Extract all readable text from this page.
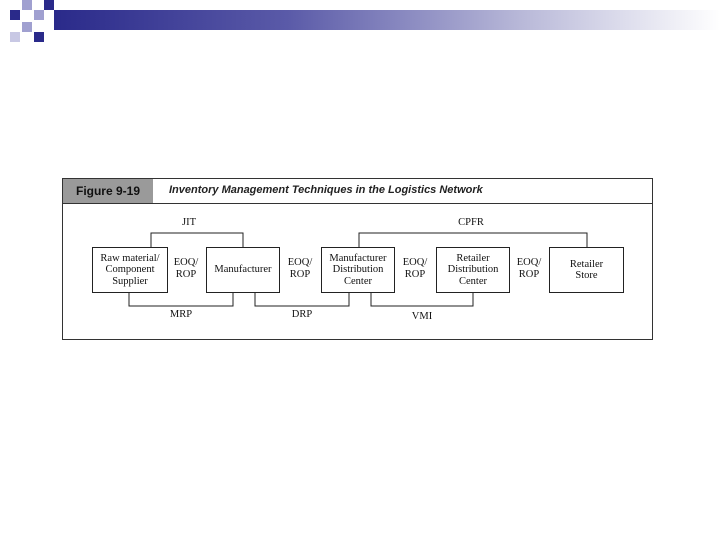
Figure 9-19	Inventory Management Techniques in the Logistics Network
Raw material/
Component
Supplier
Manufacturer
Manufacturer
Distribution
Center
Retailer
Distribution
Center
Retailer
Store
EOQ/
ROP
EOQ/
ROP
EOQ/
ROP
EOQ/
ROP
JIT	CPFR
MRP	DRP	VMI
